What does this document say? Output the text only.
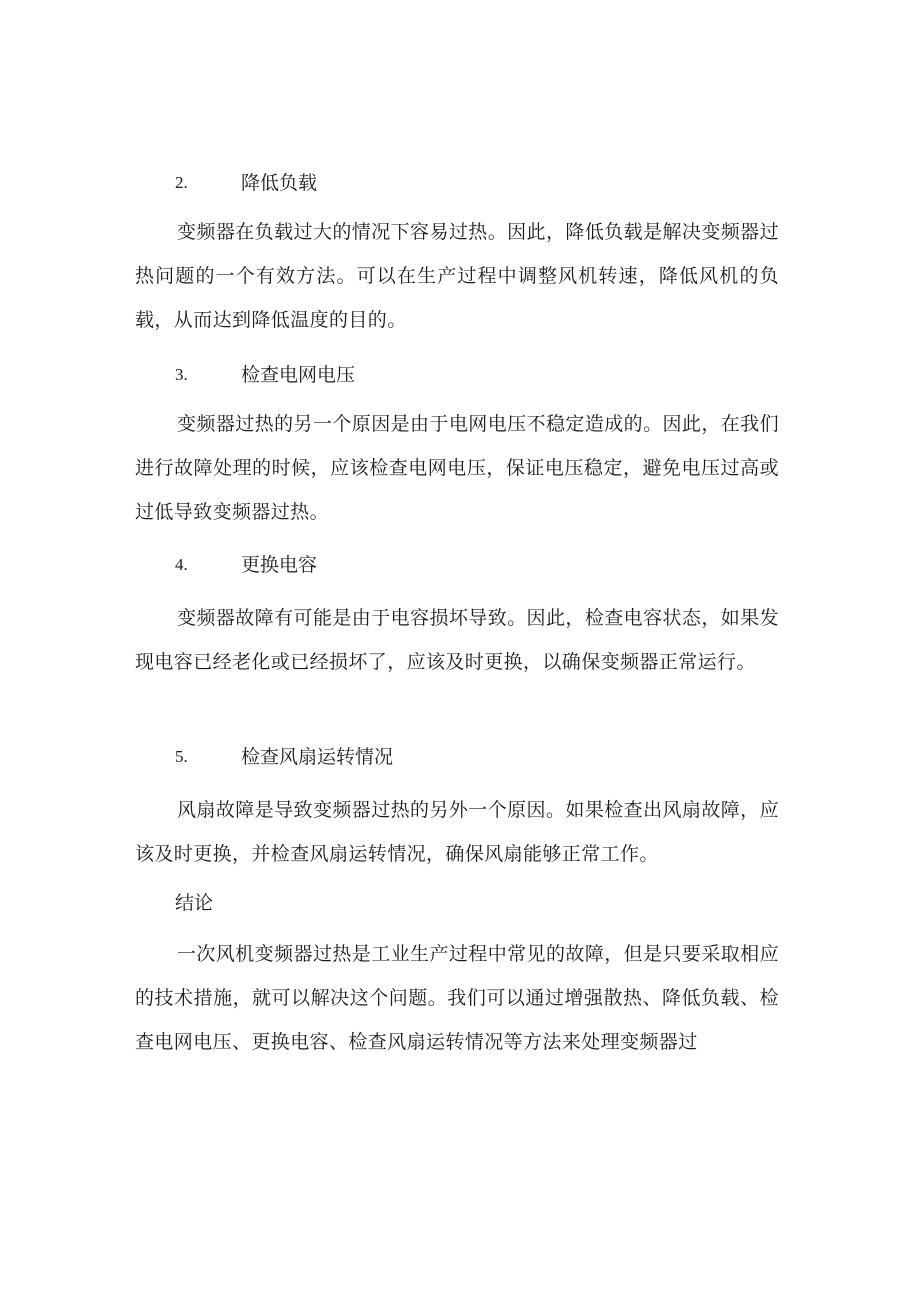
2.	降低负载

变频器在负载过大的情况下容易过热。因此，降低负载是解决变频器过热问题的一个有效方法。可以在生产过程中调整风机转速，降低风机的负载，从而达到降低温度的目的。

3.	检查电网电压

变频器过热的另一个原因是由于电网电压不稳定造成的。因此，在我们进行故障处理的时候，应该检查电网电压，保证电压稳定，避免电压过高或过低导致变频器过热。

4.	更换电容

变频器故障有可能是由于电容损坏导致。因此，检查电容状态，如果发现电容已经老化或已经损坏了，应该及时更换，以确保变频器正常运行。

5.	检查风扇运转情况

风扇故障是导致变频器过热的另外一个原因。如果检查出风扇故障，应该及时更换，并检查风扇运转情况，确保风扇能够正常工作。

结论

一次风机变频器过热是工业生产过程中常见的故障，但是只要采取相应的技术措施，就可以解决这个问题。我们可以通过增强散热、降低负载、检查电网电压、更换电容、检查风扇运转情况等方法来处理变频器过
